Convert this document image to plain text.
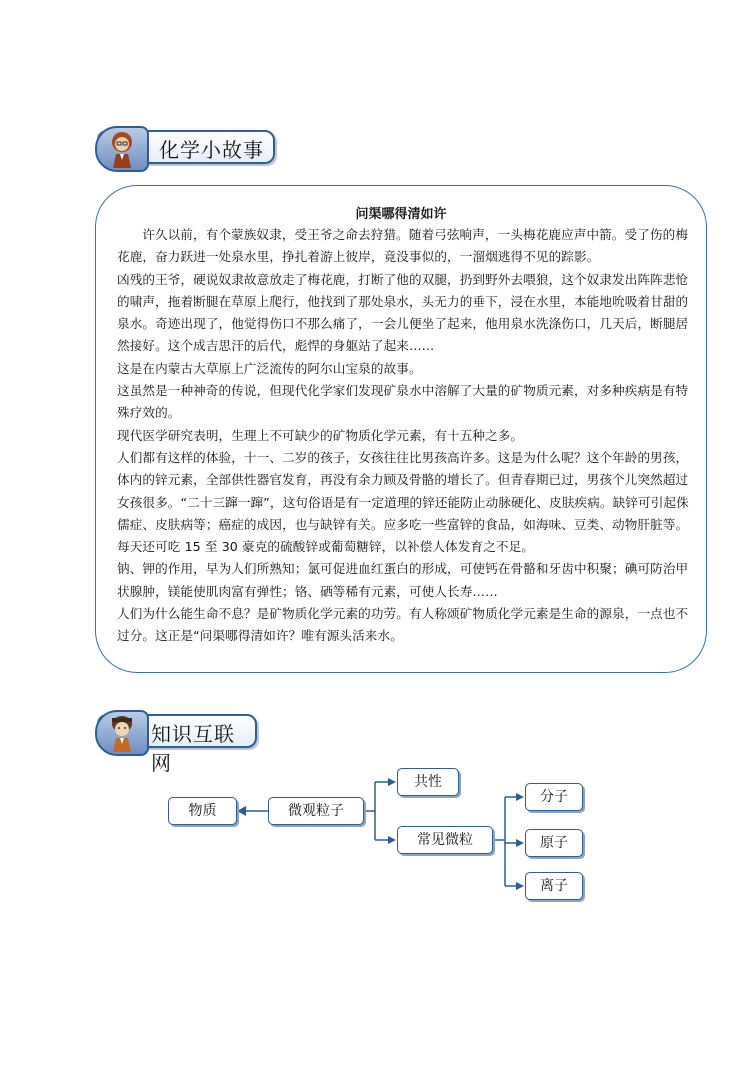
化学小故事
问渠哪得清如许

许久以前，有个蒙族奴隶，受王爷之命去狩猎。随着弓弦响声，一头梅花鹿应声中箭。受了伤的梅花鹿，奋力跃进一处泉水里，挣扎着游上彼岸，竟没事似的，一溜烟逃得不见的踪影。

凶残的王爷，硬说奴隶故意放走了梅花鹿，打断了他的双腿，扔到野外去喂狼，这个奴隶发出阵阵悲怆的啸声，拖着断腿在草原上爬行，他找到了那处泉水，头无力的垂下，浸在水里，本能地吮吸着甘甜的泉水。奇迹出现了，他觉得伤口不那么痛了，一会儿便坐了起来，他用泉水洗涤伤口，几天后，断腿居然接好。这个成吉思汗的后代，彪悍的身躯站了起来……

这是在内蒙古大草原上广泛流传的阿尔山宝泉的故事。

这虽然是一种神奇的传说，但现代化学家们发现矿泉水中溶解了大量的矿物质元素，对多种疾病是有特殊疗效的。

现代医学研究表明，生理上不可缺少的矿物质化学元素，有十五种之多。

人们都有这样的体验，十一、二岁的孩子，女孩往往比男孩高许多。这是为什么呢？这个年龄的男孩，体内的锌元素，全部供性器官发育，再没有余力顾及骨骼的增长了。但青春期已过，男孩个儿突然超过女孩很多。“二十三蹿一蹿”，这句俗语是有一定道理的锌还能防止动脉硬化、皮肤疾病。缺锌可引起侏儒症、皮肤病等；癌症的成因，也与缺锌有关。应多吃一些富锌的食品，如海味、豆类、动物肝脏等。每天还可吃 15 至 30 豪克的硫酸锌或葡萄糖锌，以补偿人体发育之不足。

钠、钾的作用，早为人们所熟知；氯可促进血红蛋白的形成，可使钙在骨骼和牙齿中积聚；碘可防治甲状腺肿，镁能使肌肉富有弹性；铬、硒等稀有元素，可使人长寿……

人们为什么能生命不息？是矿物质化学元素的功劳。有人称颂矿物质化学元素是生命的源泉，一点也不过分。这正是“问渠哪得清如许？唯有源头活来水。

知识互联网
物质	微观粒子
共性
常见微粒
分子
原子
离子
